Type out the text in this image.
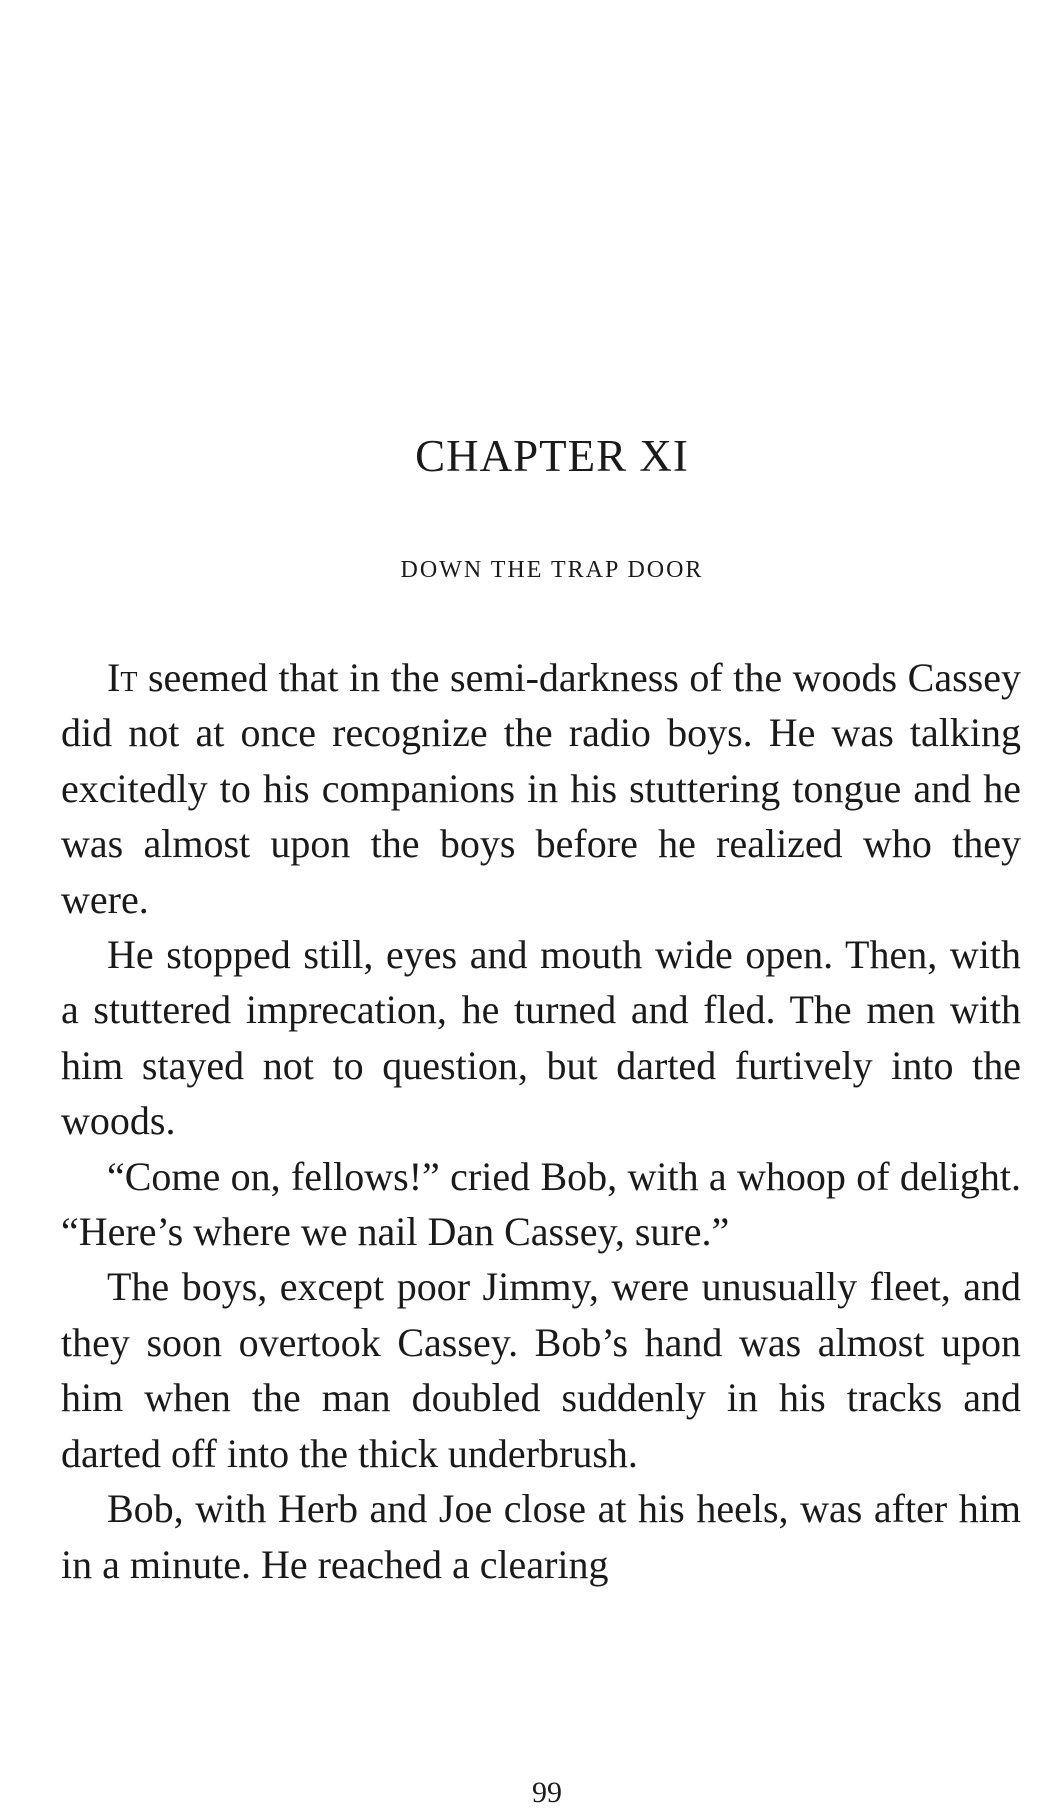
CHAPTER XI
DOWN THE TRAP DOOR

It seemed that in the semi-darkness of the woods Cassey did not at once recognize the radio boys. He was talking excitedly to his companions in his stuttering tongue and he was almost upon the boys before he realized who they were.

He stopped still, eyes and mouth wide open. Then, with a stuttered imprecation, he turned and fled. The men with him stayed not to question, but darted furtively into the woods.

“Come on, fellows!” cried Bob, with a whoop of delight. “Here’s where we nail Dan Cassey, sure.”

The boys, except poor Jimmy, were unusually fleet, and they soon overtook Cassey. Bob’s hand was almost upon him when the man doubled suddenly in his tracks and darted off into the thick underbrush.

Bob, with Herb and Joe close at his heels, was after him in a minute. He reached a clearing

99
